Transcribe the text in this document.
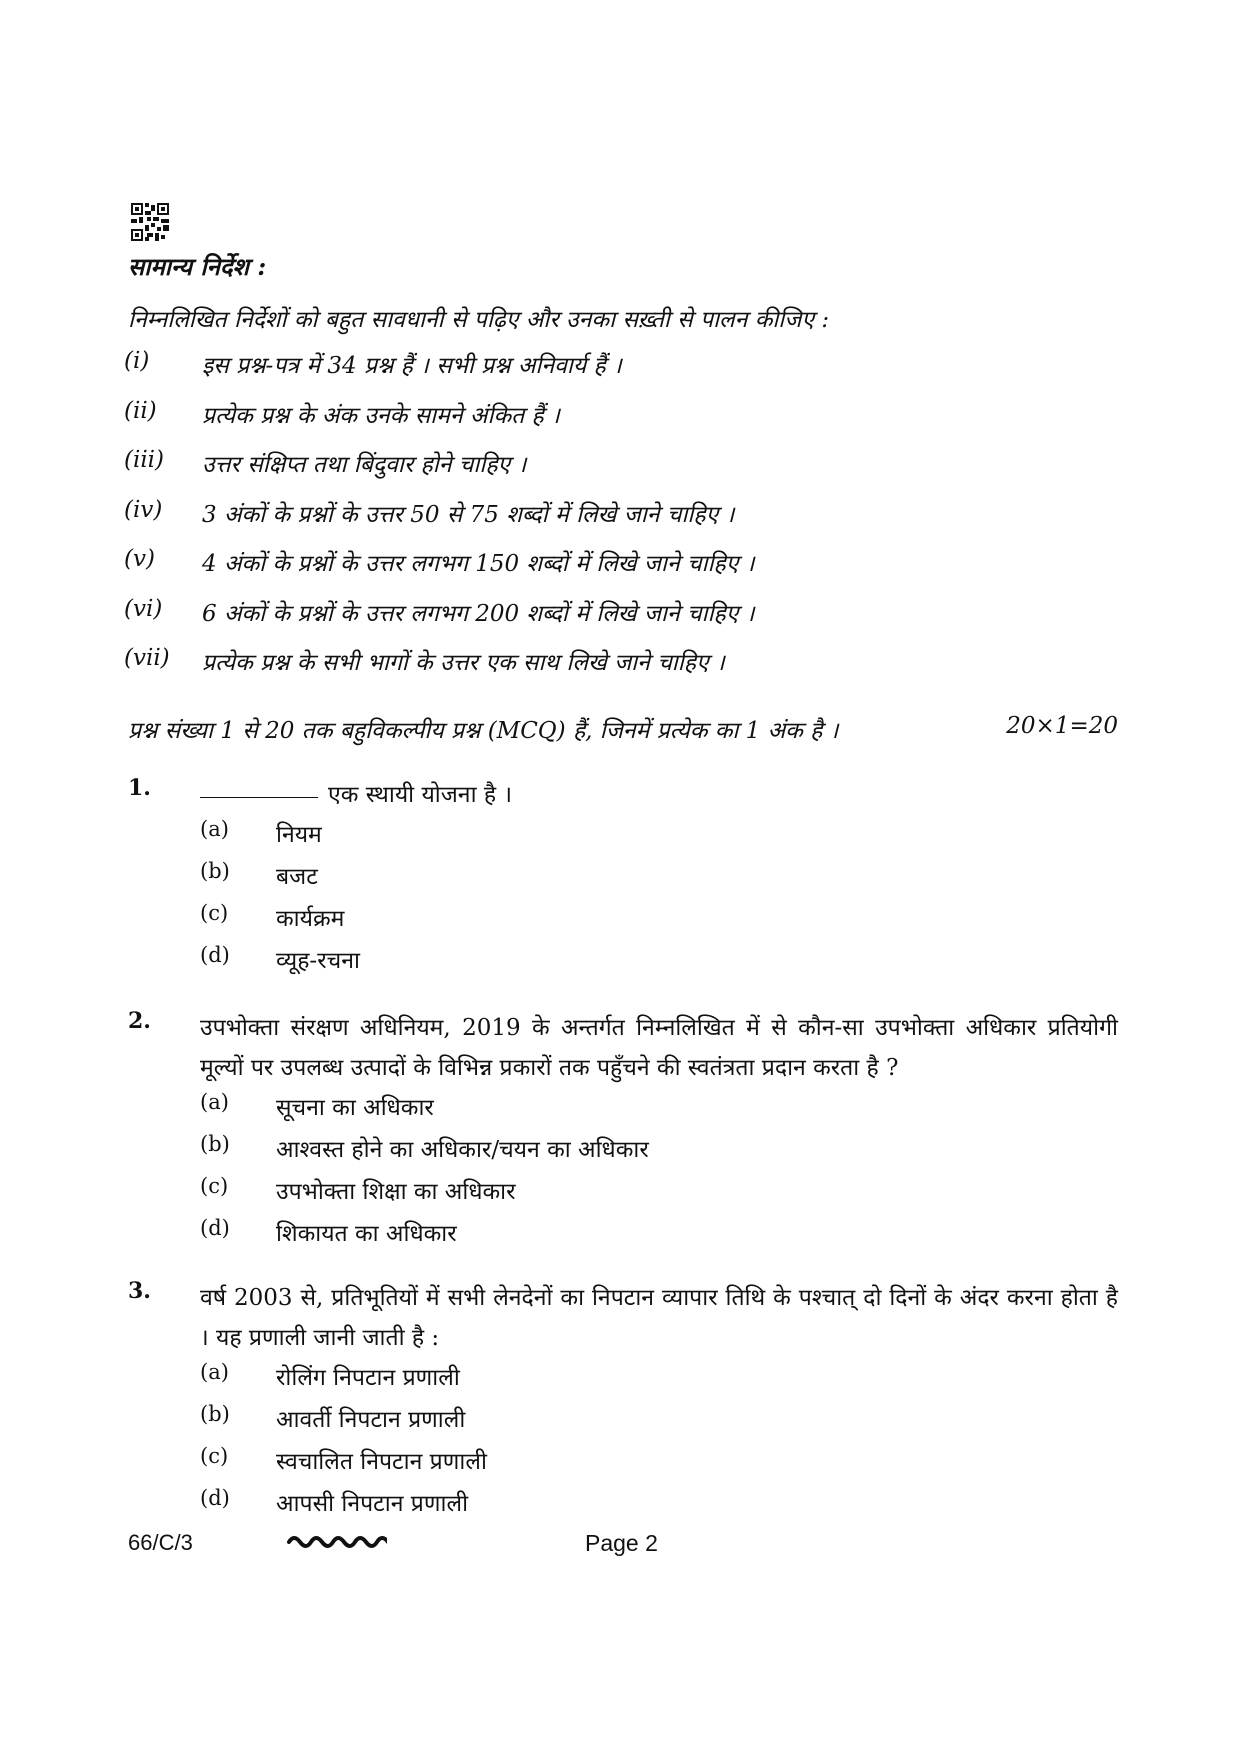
सामान्य निर्देश :
निम्नलिखित निर्देशों को बहुत सावधानी से पढ़िए और उनका सख़्ती से पालन कीजिए :
(i) इस प्रश्न-पत्र में 34 प्रश्न हैं । सभी प्रश्न अनिवार्य हैं ।
(ii) प्रत्येक प्रश्न के अंक उनके सामने अंकित हैं ।
(iii) उत्तर संक्षिप्त तथा बिंदुवार होने चाहिए ।
(iv) 3 अंकों के प्रश्नों के उत्तर 50 से 75 शब्दों में लिखे जाने चाहिए ।
(v) 4 अंकों के प्रश्नों के उत्तर लगभग 150 शब्दों में लिखे जाने चाहिए ।
(vi) 6 अंकों के प्रश्नों के उत्तर लगभग 200 शब्दों में लिखे जाने चाहिए ।
(vii) प्रत्येक प्रश्न के सभी भागों के उत्तर एक साथ लिखे जाने चाहिए ।
प्रश्न संख्या 1 से 20 तक बहुविकल्पीय प्रश्न (MCQ) हैं, जिनमें प्रत्येक का 1 अंक है ।	20×1=20
1.	एक स्थायी योजना है ।
(a) नियम
(b) बजट
(c) कार्यक्रम
(d) व्यूह-रचना
2. उपभोक्ता संरक्षण अधिनियम, 2019 के अन्तर्गत निम्नलिखित में से कौन-सा उपभोक्ता अधिकार प्रतियोगी मूल्यों पर उपलब्ध उत्पादों के विभिन्न प्रकारों तक पहुँचने की स्वतंत्रता प्रदान करता है ?
(a) सूचना का अधिकार
(b) आश्वस्त होने का अधिकार/चयन का अधिकार
(c) उपभोक्ता शिक्षा का अधिकार
(d) शिकायत का अधिकार
3. वर्ष 2003 से, प्रतिभूतियों में सभी लेनदेनों का निपटान व्यापार तिथि के पश्चात् दो दिनों के अंदर करना होता है । यह प्रणाली जानी जाती है :
(a) रोलिंग निपटान प्रणाली
(b) आवर्ती निपटान प्रणाली
(c) स्वचालित निपटान प्रणाली
(d) आपसी निपटान प्रणाली
66/C/3	Page 2
